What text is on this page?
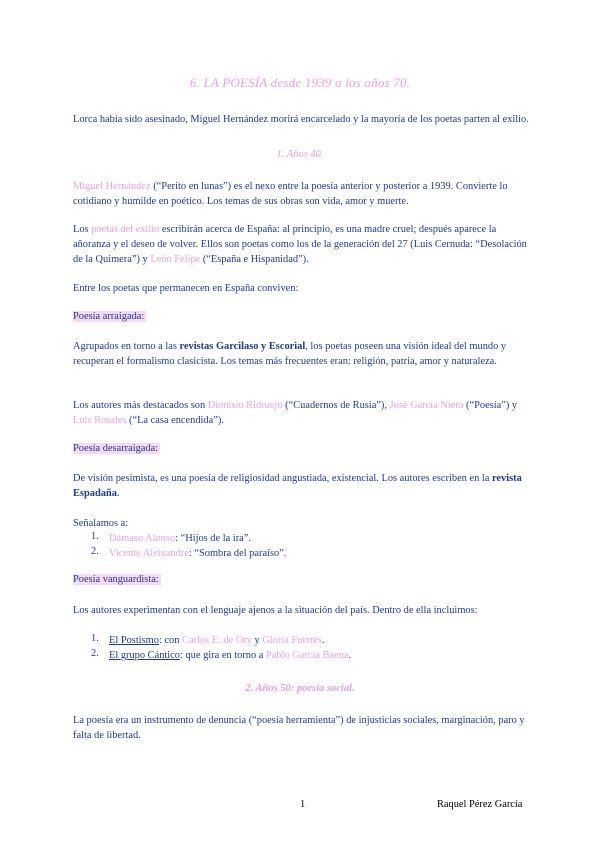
6. LA POESÍA desde 1939 a los años 70.
Lorca había sido asesinado, Miguel Hernández morirá encarcelado y la mayoría de los poetas parten al exilio.
1. Años 40.
Miguel Hernández (“Perito en lunas”) es el nexo entre la poesía anterior y posterior a 1939. Convierte lo cotidiano y humilde en poético. Los temas de sus obras son vida, amor y muerte.
Los poetas del exilio escribirán acerca de España: al principio, es una madre cruel; después aparece la añoranza y el deseo de volver. Ellos son poetas como los de la generación del 27 (Luis Cernuda: “Desolación de la Quimera”) y León Felipe (“España e Hispanidad”).
Entre los poetas que permanecen en España conviven:
Poesía arraigada:
Agrupados en torno a las revistas Garcilaso y Escorial, los poetas poseen una visión ideal del mundo y recuperan el formalismo clasicista. Los temas más frecuentes eran: religión, patria, amor y naturaleza.
Los autores más destacados son Dionisio Ridruejo (“Cuadernos de Rusia”), José García Nieto (“Poesía”) y Luis Rosales (“La casa encendida”).
Poesía desarraigada:
De visión pesimista, es una poesía de religiosidad angustiada, existencial. Los autores escriben en la revista Espadaña.
Señalamos a:
1. Dámaso Alonso: “Hijos de la ira”.
2. Vicente Aleixandre: “Sombra del paraíso”.
Poesía vanguardista:
Los autores experimentan con el lenguaje ajenos a la situación del país. Dentro de ella incluimos:
1. El Postismo: con Carlos E. de Ory y Gloria Fuertes.
2. El grupo Cántico: que gira en torno a Pablo García Baena.
2. Años 50: poesía social.
La poesía era un instrumento de denuncia (“poesía herramienta”) de injusticias sociales, marginación, paro y falta de libertad.
1	Raquel Pérez García
